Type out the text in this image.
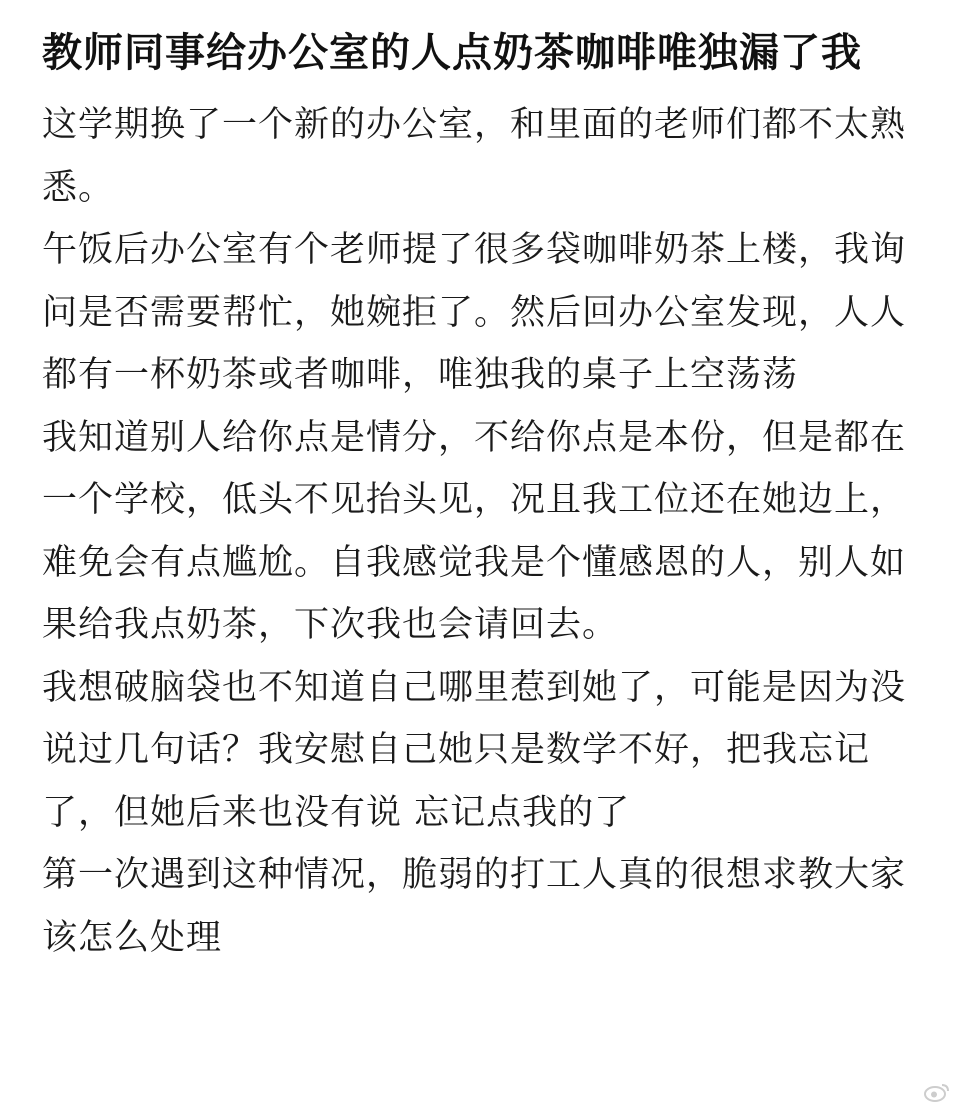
教师同事给办公室的人点奶茶咖啡唯独漏了我

这学期换了一个新的办公室，和里面的老师们都不太熟悉。

午饭后办公室有个老师提了很多袋咖啡奶茶上楼，我询问是否需要帮忙，她婉拒了。然后回办公室发现，人人都有一杯奶茶或者咖啡，唯独我的桌子上空荡荡

我知道别人给你点是情分，不给你点是本份，但是都在一个学校，低头不见抬头见，况且我工位还在她边上，难免会有点尴尬。自我感觉我是个懂感恩的人，别人如果给我点奶茶，下次我也会请回去。

我想破脑袋也不知道自己哪里惹到她了，可能是因为没说过几句话？我安慰自己她只是数学不好，把我忘记了，但她后来也没有说 忘记点我的了

第一次遇到这种情况，脆弱的打工人真的很想求教大家该怎么处理
